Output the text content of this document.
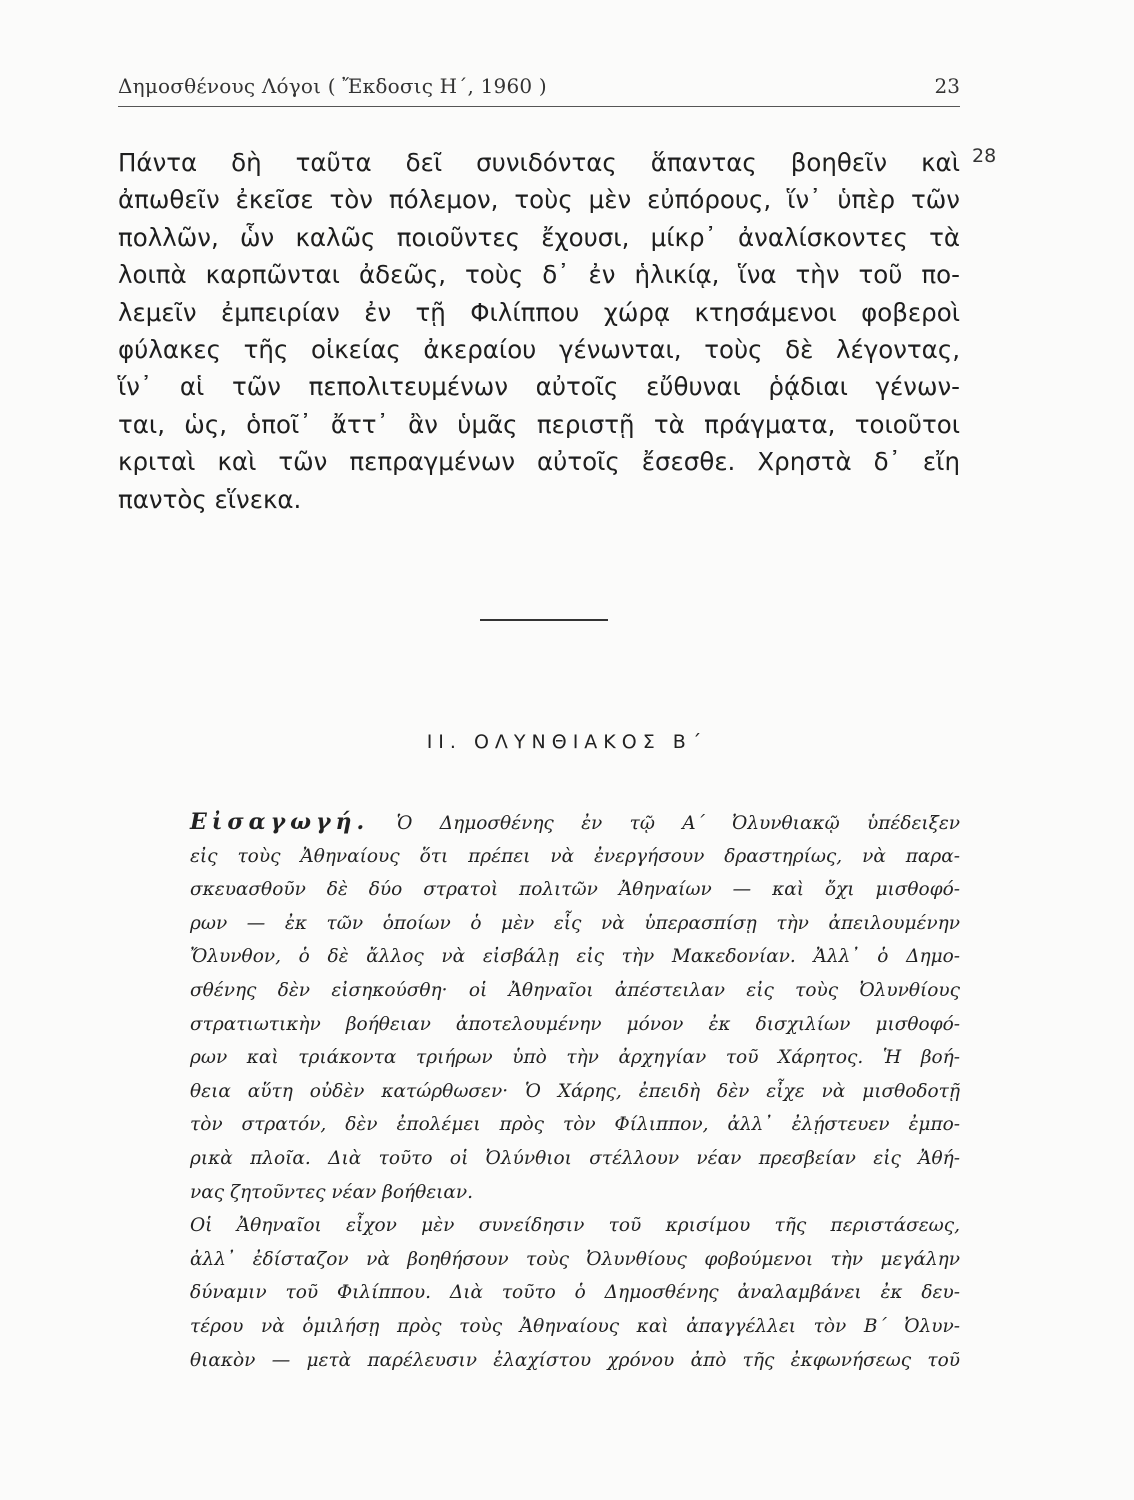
Δημοσθένους Λόγοι ( Ἔκδοσις Η΄, 1960 )	23
Πάντα δὴ ταῦτα δεῖ συνιδόντας ἅπαντας βοηθεῖν καὶ
ἀπωθεῖν ἐκεῖσε τὸν πόλεμον, τοὺς μὲν εὐπόρους, ἵν᾽ ὑπὲρ τῶν
πολλῶν, ὧν καλῶς ποιοῦντες ἔχουσι, μίκρ᾽ ἀναλίσκοντες τὰ
λοιπὰ καρπῶνται ἀδεῶς, τοὺς δ᾽ ἐν ἡλικίᾳ, ἵνα τὴν τοῦ πο-
λεμεῖν ἐμπειρίαν ἐν τῇ Φιλίππου χώρᾳ κτησάμενοι φοβεροὶ
φύλακες τῆς οἰκείας ἀκεραίου γένωνται, τοὺς δὲ λέγοντας,
ἵν᾽ αἱ τῶν πεπολιτευμένων αὐτοῖς εὔθυναι ῥᾴδιαι γένων-
ται, ὡς, ὁποῖ᾽ ἄττ᾽ ἂν ὑμᾶς περιστῇ τὰ πράγματα, τοιοῦτοι
κριταὶ καὶ τῶν πεπραγμένων αὐτοῖς ἔσεσθε. Χρηστὰ δ᾽ εἴη
παντὸς εἵνεκα.
28
II. ΟΛΥΝΘΙΑΚΟΣ Β΄
Εἰσαγωγή. Ὁ Δημοσθένης ἐν τῷ Α΄ Ὀλυνθιακῷ ὑπέδειξεν
εἰς τοὺς Ἀθηναίους ὅτι πρέπει νὰ ἐνεργήσουν δραστηρίως, νὰ παρα-
σκευασθοῦν δὲ δύο στρατοὶ πολιτῶν Ἀθηναίων — καὶ ὄχι μισθοφό-
ρων — ἐκ τῶν ὁποίων ὁ μὲν εἷς νὰ ὑπερασπίσῃ τὴν ἀπειλουμένην
Ὄλυνθον, ὁ δὲ ἄλλος νὰ εἰσβάλῃ εἰς τὴν Μακεδονίαν. Ἀλλ᾽ ὁ Δημο-
σθένης δὲν εἰσηκούσθη· οἱ Ἀθηναῖοι ἀπέστειλαν εἰς τοὺς Ὀλυνθίους
στρατιωτικὴν βοήθειαν ἀποτελουμένην μόνον ἐκ δισχιλίων μισθοφό-
ρων καὶ τριάκοντα τριήρων ὑπὸ τὴν ἀρχηγίαν τοῦ Χάρητος. Ἡ βοή-
θεια αὕτη οὐδὲν κατώρθωσεν· Ὁ Χάρης, ἐπειδὴ δὲν εἶχε νὰ μισθοδοτῇ
τὸν στρατόν, δὲν ἐπολέμει πρὸς τὸν Φίλιππον, ἀλλ᾽ ἐλῄστευεν ἐμπο-
ρικὰ πλοῖα. Διὰ τοῦτο οἱ Ὀλύνθιοι στέλλουν νέαν πρεσβείαν εἰς Ἀθή-
νας ζητοῦντες νέαν βοήθειαν.
Οἱ Ἀθηναῖοι εἶχον μὲν συνείδησιν τοῦ κρισίμου τῆς περιστάσεως,
ἀλλ᾽ ἐδίσταζον νὰ βοηθήσουν τοὺς Ὀλυνθίους φοβούμενοι τὴν μεγάλην
δύναμιν τοῦ Φιλίππου. Διὰ τοῦτο ὁ Δημοσθένης ἀναλαμβάνει ἐκ δευ-
τέρου νὰ ὁμιλήσῃ πρὸς τοὺς Ἀθηναίους καὶ ἀπαγγέλλει τὸν Β΄ Ὀλυν-
θιακὸν — μετὰ παρέλευσιν ἐλαχίστου χρόνου ἀπὸ τῆς ἐκφωνήσεως τοῦ
